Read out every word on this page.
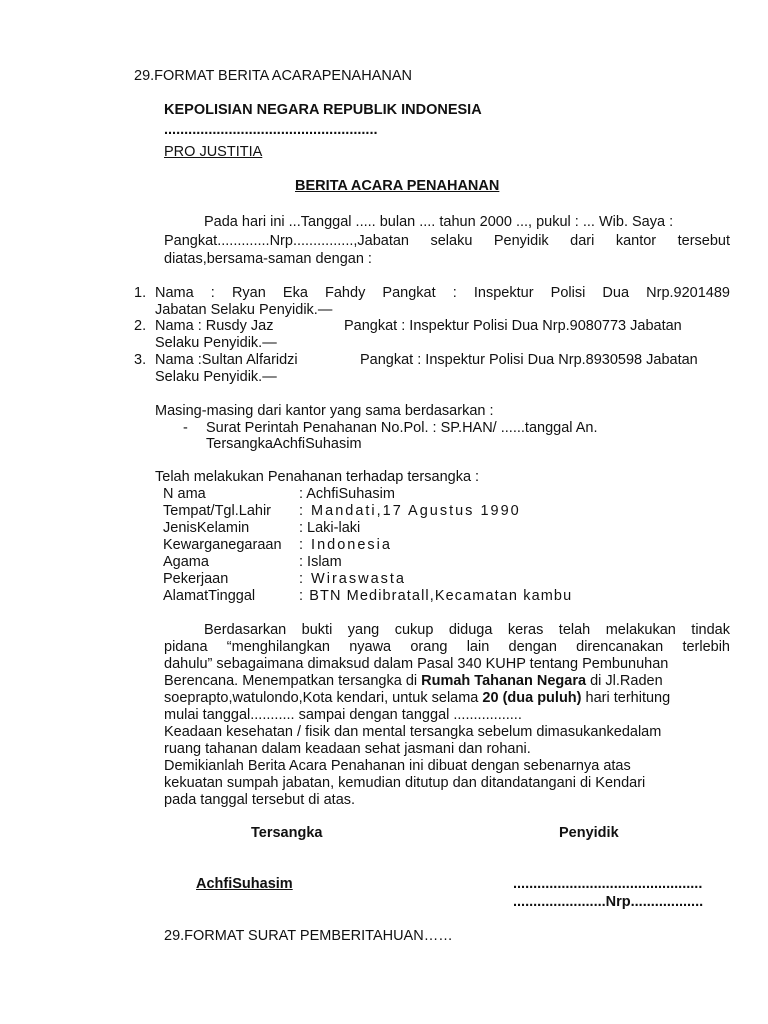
29.FORMAT BERITA ACARAPENAHANAN
KEPOLISIAN NEGARA REPUBLIK INDONESIA
.....................................................
PRO JUSTITIA
BERITA ACARA PENAHANAN
Pada hari ini ...Tanggal ..... bulan .... tahun 2000 ..., pukul : ... Wib. Saya :
Pangkat.............Nrp...............,Jabatan selaku Penyidik dari kantor tersebut
diatas,bersama-saman dengan :
1. Nama : Ryan Eka Fahdy Pangkat : Inspektur Polisi Dua Nrp.9201489
Jabatan Selaku Penyidik.—
2. Nama : Rusdy Jaz	Pangkat : Inspektur Polisi Dua Nrp.9080773 Jabatan
Selaku Penyidik.—
3. Nama :Sultan Alfaridzi	Pangkat : Inspektur Polisi Dua Nrp.8930598 Jabatan
Selaku Penyidik.—
Masing-masing dari kantor yang sama berdasarkan :
- Surat Perintah Penahanan No.Pol. : SP.HAN/ ......tanggal An.
TersangkaAchfiSuhasim
Telah melakukan Penahanan terhadap tersangka :
N ama	: AchfiSuhasim
Tempat/Tgl.Lahir : Mandati,17 Agustus 1990
JenisKelamin	: Laki-laki
Kewarganegaraan : Indonesia
Agama	: Islam
Pekerjaan	: Wiraswasta
AlamatTinggal	: BTN Medibratall,Kecamatan kambu
Berdasarkan bukti yang cukup diduga keras telah melakukan tindak
pidana “menghilangkan nyawa orang lain dengan direncanakan terlebih
dahulu” sebagaimana dimaksud dalam Pasal 340 KUHP tentang Pembunuhan
Berencana. Menempatkan tersangka di Rumah Tahanan Negara di Jl.Raden
soeprapto,watulondo,Kota kendari, untuk selama 20 (dua puluh) hari terhitung
mulai tanggal........... sampai dengan tanggal .................
Keadaan kesehatan / fisik dan mental tersangka sebelum dimasukankedalam
ruang tahanan dalam keadaan sehat jasmani dan rohani.
Demikianlah Berita Acara Penahanan ini dibuat dengan sebenarnya atas
kekuatan sumpah jabatan, kemudian ditutup dan ditandatangani di Kendari
pada tanggal tersebut di atas.
Tersangka	Penyidik
AchfiSuhasim	...............................................
.......................Nrp..................
29.FORMAT SURAT PEMBERITAHUAN……
